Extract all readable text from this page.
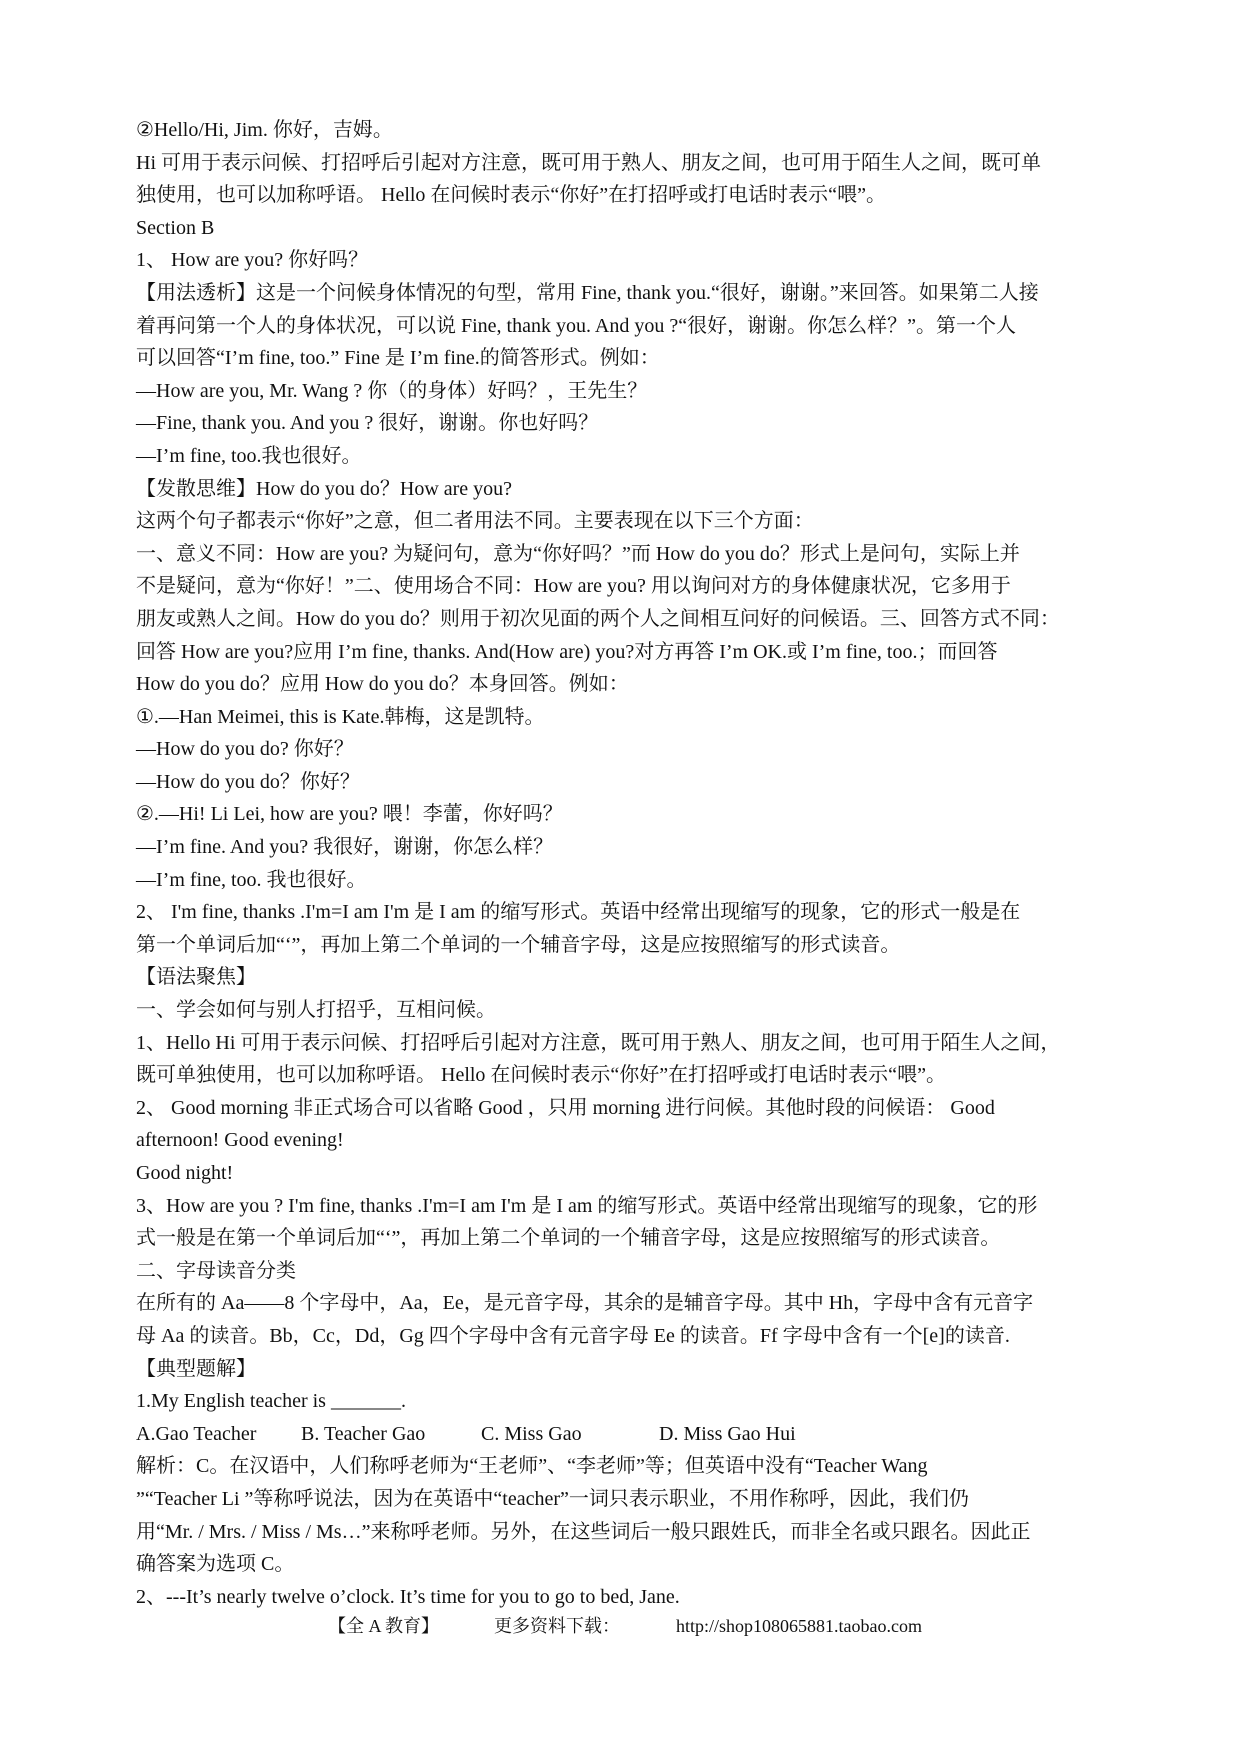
②Hello/Hi, Jim. 你好，吉姆。

Hi 可用于表示问候、打招呼后引起对方注意，既可用于熟人、朋友之间，也可用于陌生人之间，既可单

独使用，也可以加称呼语。 Hello 在问候时表示“你好”在打招呼或打电话时表示“喂”。

Section B

1、 How are you? 你好吗？

【用法透析】这是一个问候身体情况的句型，常用 Fine, thank you.“很好，谢谢。”来回答。如果第二人接

着再问第一个人的身体状况，可以说 Fine, thank you. And you ?“很好，谢谢。你怎么样？”。第一个人

可以回答“I’m fine, too.” Fine 是 I’m fine.的简答形式。例如：

—How are you, Mr. Wang ? 你（的身体）好吗？，王先生？

—Fine, thank you. And you ? 很好，谢谢。你也好吗？

—I’m fine, too.我也很好。

【发散思维】How do you do？How are you?

这两个句子都表示“你好”之意，但二者用法不同。主要表现在以下三个方面：

一、意义不同：How are you? 为疑问句，意为“你好吗？”而 How do you do？形式上是问句，实际上并

不是疑问，意为“你好！”二、使用场合不同：How are you? 用以询问对方的身体健康状况，它多用于

朋友或熟人之间。How do you do？则用于初次见面的两个人之间相互问好的问候语。三、回答方式不同：

回答 How are you?应用 I’m fine, thanks. And(How are) you?对方再答 I’m OK.或 I’m fine, too.；而回答

How do you do？应用 How do you do？本身回答。例如：

①.—Han Meimei, this is Kate.韩梅，这是凯特。

—How do you do? 你好？

—How do you do？你好？

②.—Hi! Li Lei, how are you? 喂！李蕾，你好吗？

—I’m fine. And you? 我很好，谢谢，你怎么样？

—I’m fine, too. 我也很好。

2、 I'm fine, thanks .I'm=I am I'm 是 I am 的缩写形式。英语中经常出现缩写的现象，它的形式一般是在

第一个单词后加“‘”，再加上第二个单词的一个辅音字母，这是应按照缩写的形式读音。

【语法聚焦】

一、学会如何与别人打招乎，互相问候。

1、Hello Hi 可用于表示问候、打招呼后引起对方注意，既可用于熟人、朋友之间，也可用于陌生人之间，

既可单独使用，也可以加称呼语。 Hello 在问候时表示“你好”在打招呼或打电话时表示“喂”。

2、 Good morning 非正式场合可以省略 Good ，只用 morning 进行问候。其他时段的问候语： Good

afternoon! Good evening!

Good night!

3、How are you ? I'm fine, thanks .I'm=I am I'm 是 I am 的缩写形式。英语中经常出现缩写的现象，它的形

式一般是在第一个单词后加“‘”，再加上第二个单词的一个辅音字母，这是应按照缩写的形式读音。

二、字母读音分类

在所有的 Aa——8 个字母中，Aa，Ee，是元音字母，其余的是辅音字母。其中 Hh，字母中含有元音字

母 Aa 的读音。Bb，Cc，Dd，Gg 四个字母中含有元音字母 Ee 的读音。Ff 字母中含有一个[e]的读音.

【典型题解】

1.My English teacher is _______.

A.Gao Teacher	B. Teacher Gao	C. Miss Gao	D. Miss Gao Hui

解析：C。在汉语中，人们称呼老师为“王老师”、“李老师”等；但英语中没有“Teacher Wang

”“Teacher Li ”等称呼说法，因为在英语中“teacher”一词只表示职业，不用作称呼，因此，我们仍

用“Mr. / Mrs. / Miss / Ms…”来称呼老师。另外，在这些词后一般只跟姓氏，而非全名或只跟名。因此正

确答案为选项 C。

2、---It’s nearly twelve o’clock. It’s time for you to go to bed, Jane.

【全 A 教育】	更多资料下载：	http://shop108065881.taobao.com
